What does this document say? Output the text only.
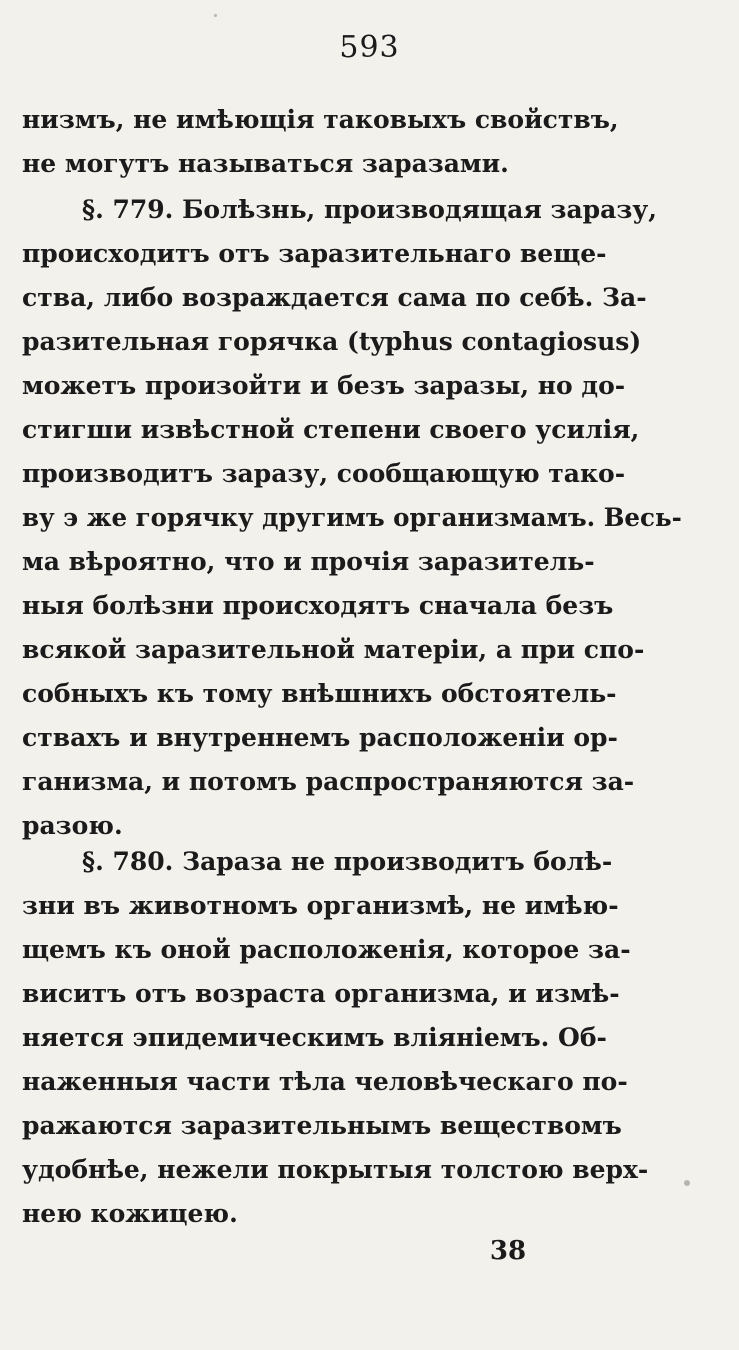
593
низмъ, не имѣющія таковыхъ свойствъ,
не могутъ называться заразами.
§. 779. Болѣзнь, производящая заразу,
происходитъ отъ заразительнаго веще-
ства, либо возраждается сама по себѣ. За-
разительная горячка (typhus contagiosus)
можетъ произойти и безъ заразы, но до-
стигши извѣстной степени своего усилія,
производитъ заразу, сообщающую тако-
ву э же горячку другимъ организмамъ. Весь-
ма вѣроятно, что и прочія заразитель-
ныя болѣзни происходятъ сначала безъ
всякой заразительной матеріи, а при спо-
собныхъ къ тому внѣшнихъ обстоятель-
ствахъ и внутреннемъ расположеніи ор-
ганизма, и потомъ распространяются за-
разою.
§. 780. Зараза не производитъ болѣ-
зни въ животномъ организмѣ, не имѣю-
щемъ къ оной расположенія, которое за-
виситъ отъ возраста организма, и измѣ-
няется эпидемическимъ вліяніемъ. Об-
наженныя части тѣла человѣческаго по-
ражаются заразительнымъ веществомъ
удобнѣе, нежели покрытыя толстою верх-
нею кожицею.
38
